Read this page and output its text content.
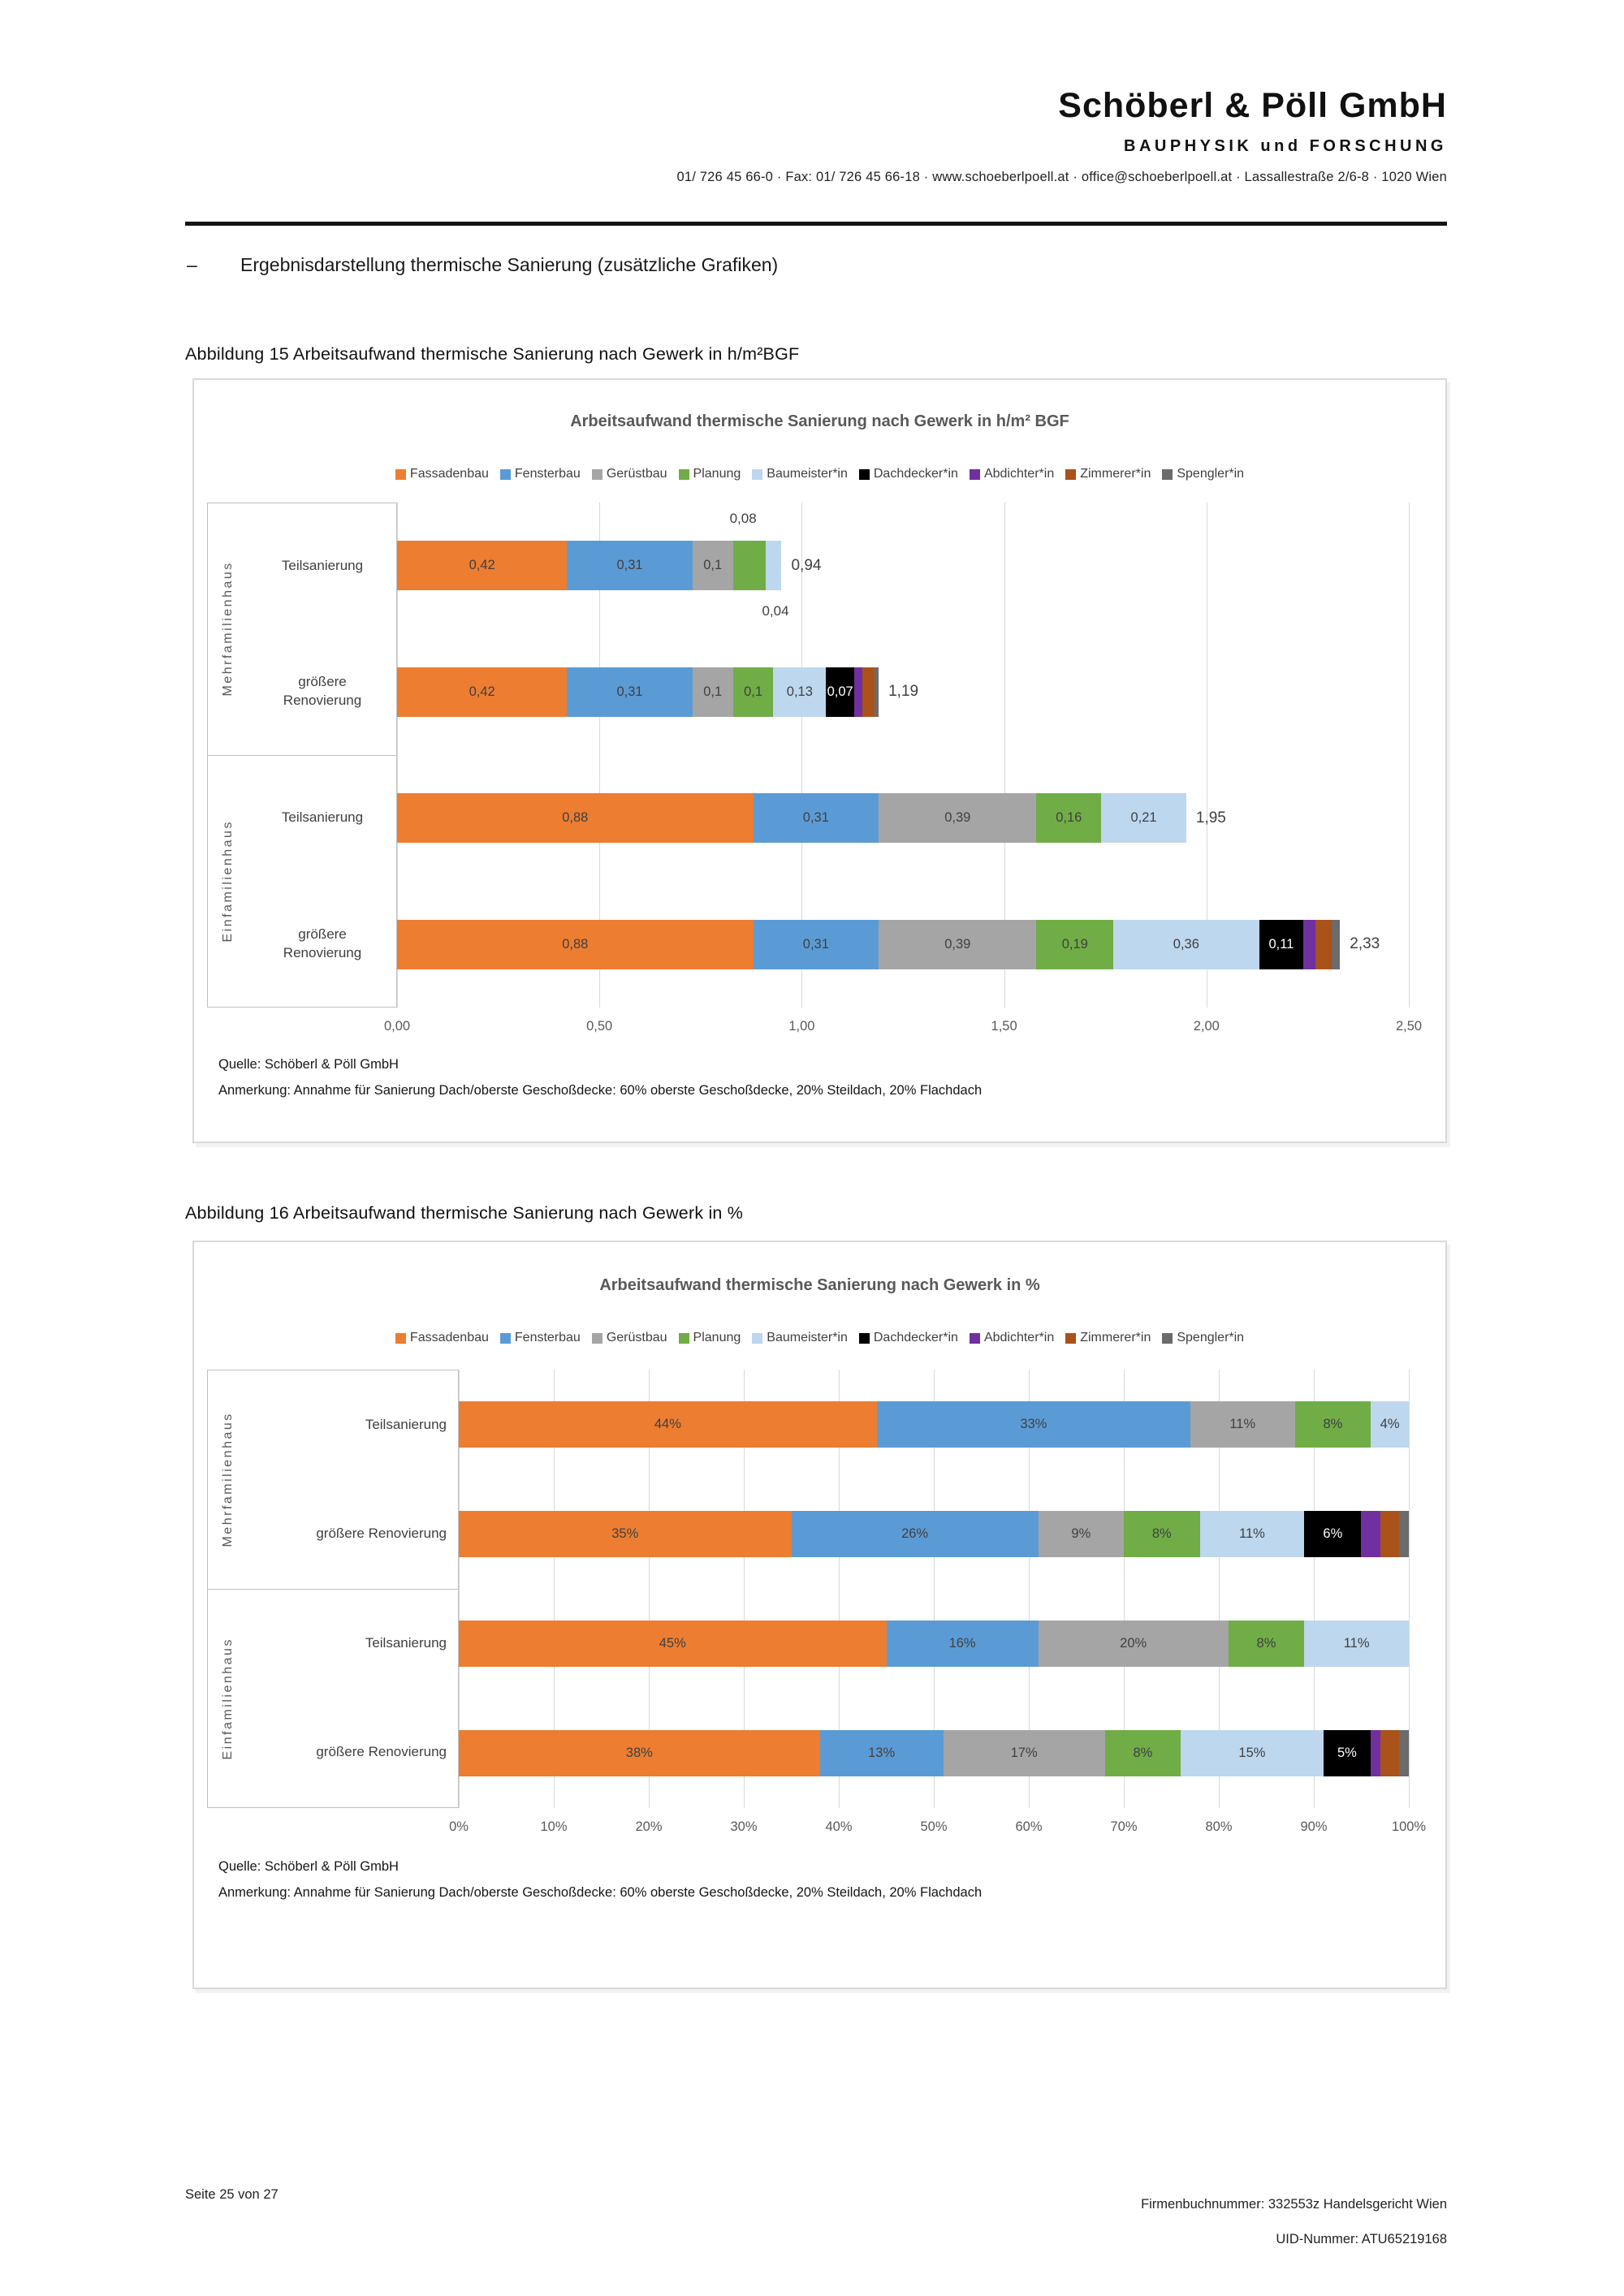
Schöberl & Pöll GmbH
BAUPHYSIK und FORSCHUNG
01/ 726 45 66-0 · Fax: 01/ 726 45 66-18 · www.schoeberlpoell.at · office@schoeberlpoell.at · Lassallestraße 2/6-8 · 1020 Wien
– Ergebnisdarstellung thermische Sanierung (zusätzliche Grafiken)
Abbildung 15 Arbeitsaufwand thermische Sanierung nach Gewerk in h/m²BGF
Arbeitsaufwand thermische Sanierung nach Gewerk in h/m² BGF
Fassadenbau Fensterbau Gerüstbau Planung Baumeister*in Dachdecker*in Abdichter*in Zimmerer*in Spengler*in
Mehrfamilienhaus	Teilsanierung
größere Renovierung
Einfamilienhaus
Teilsanierung
größere Renovierung
0,42	0,31	0,1	0,94
0,08
0,04
0,42	0,31	0,1 0,1 0,13 0,07 1,19
0,88	0,31	0,39	0,16	0,21	1,95
0,88	0,31	0,39	0,19	0,36	0,11	2,33
0,00	0,50	1,00	1,50	2,00	2,50
Quelle: Schöberl & Pöll GmbH
Anmerkung: Annahme für Sanierung Dach/oberste Geschoßdecke: 60% oberste Geschoßdecke, 20% Steildach, 20% Flachdach
Abbildung 16 Arbeitsaufwand thermische Sanierung nach Gewerk in %
Arbeitsaufwand thermische Sanierung nach Gewerk in %
Fassadenbau Fensterbau Gerüstbau Planung Baumeister*in Dachdecker*in Abdichter*in Zimmerer*in Spengler*in
Mehrfamilienhaus	Teilsanierung
größere Renovierung
Einfamilienhaus	Teilsanierung
größere Renovierung
44%	33%	11%	8%	4%
35%	26%	9%	8%	11%	6%
45%	16%	20%	8%	11%
38%	13%	17%	8%	15%	5%
0%	10%	20%	30%	40%	50%	60%	70%	80%	90%	100%
Quelle: Schöberl & Pöll GmbH
Anmerkung: Annahme für Sanierung Dach/oberste Geschoßdecke: 60% oberste Geschoßdecke, 20% Steildach, 20% Flachdach
Seite 25 von 27
Firmenbuchnummer: 332553z Handelsgericht Wien
UID-Nummer: ATU65219168
